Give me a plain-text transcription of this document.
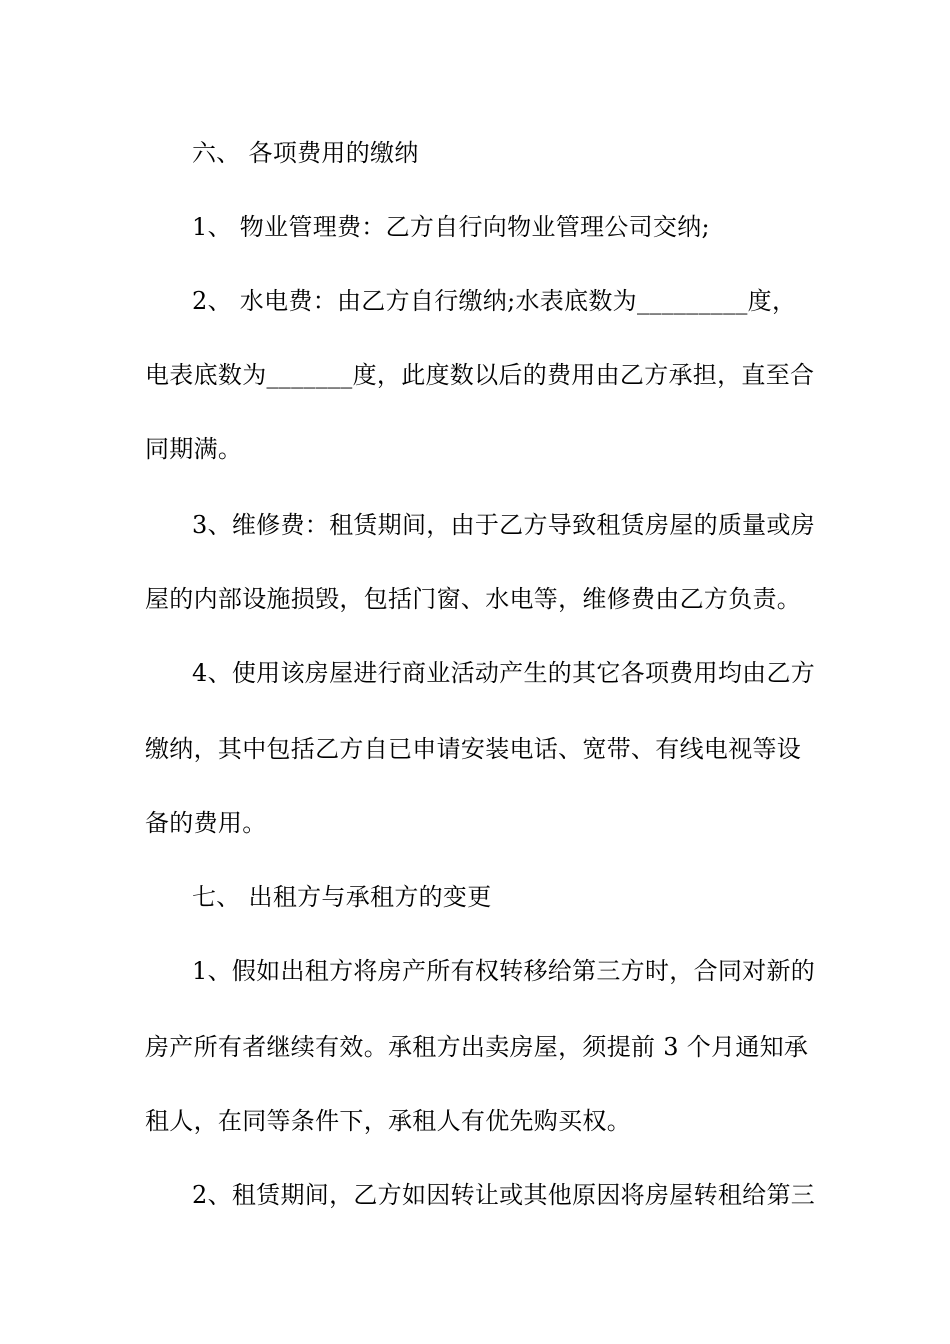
六、 各项费用的缴纳
1、 物业管理费：乙方自行向物业管理公司交纳;
2、 水电费：由乙方自行缴纳;水表底数为_________度，
电表底数为_______度，此度数以后的费用由乙方承担，直至合
同期满。
3、维修费：租赁期间，由于乙方导致租赁房屋的质量或房
屋的内部设施损毁，包括门窗、水电等，维修费由乙方负责。
4、使用该房屋进行商业活动产生的其它各项费用均由乙方
缴纳，其中包括乙方自已申请安装电话、宽带、有线电视等设
备的费用。
七、 出租方与承租方的变更
1、假如出租方将房产所有权转移给第三方时，合同对新的
房产所有者继续有效。承租方出卖房屋，须提前 3 个月通知承
租人，在同等条件下，承租人有优先购买权。
2、租赁期间，乙方如因转让或其他原因将房屋转租给第三
